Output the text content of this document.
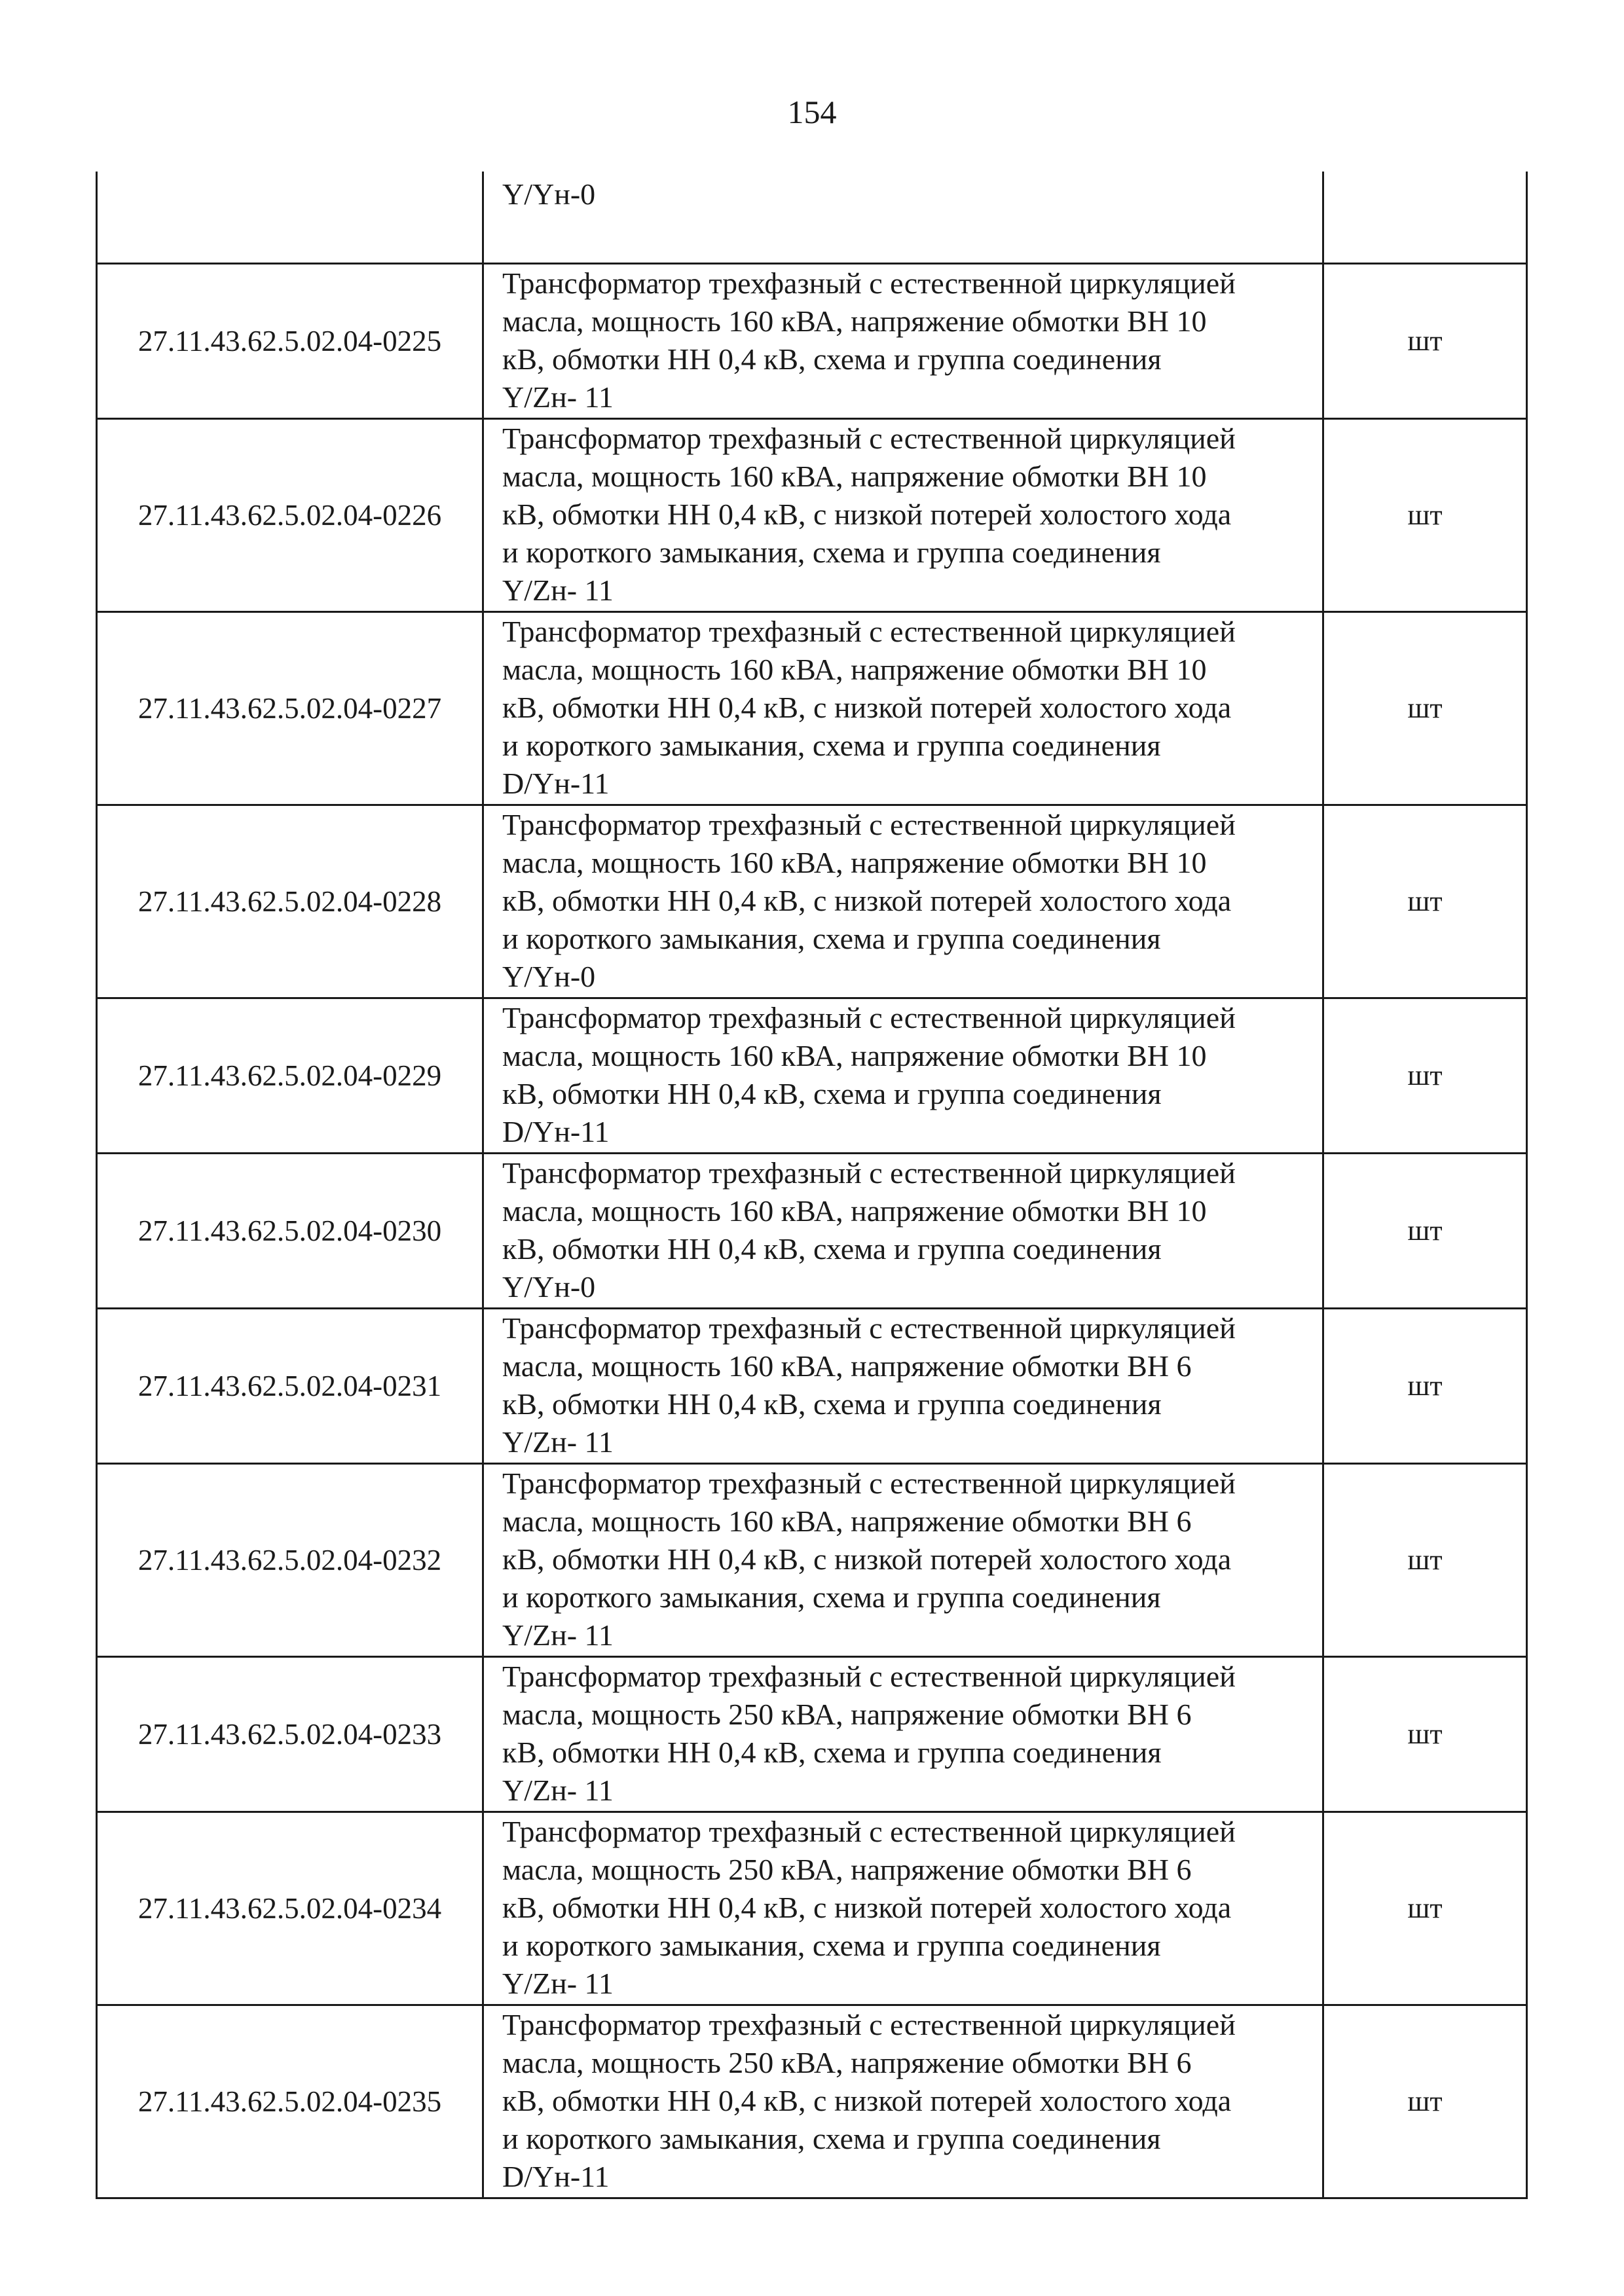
154
	Y/Yн-0	
27.11.43.62.5.02.04-0225	Трансформатор трехфазный с естественной циркуляцией
масла, мощность 160 кВА, напряжение обмотки ВН 10
кВ, обмотки НН 0,4 кВ, схема и группа соединения
Y/Zн- 11	шт
27.11.43.62.5.02.04-0226	Трансформатор трехфазный с естественной циркуляцией
масла, мощность 160 кВА, напряжение обмотки ВН 10
кВ, обмотки НН 0,4 кВ, с низкой потерей холостого хода
и короткого замыкания, схема и группа соединения
Y/Zн- 11	шт
27.11.43.62.5.02.04-0227	Трансформатор трехфазный с естественной циркуляцией
масла, мощность 160 кВА, напряжение обмотки ВН 10
кВ, обмотки НН 0,4 кВ, с низкой потерей холостого хода
и короткого замыкания, схема и группа соединения
D/Yн-11	шт
27.11.43.62.5.02.04-0228	Трансформатор трехфазный с естественной циркуляцией
масла, мощность 160 кВА, напряжение обмотки ВН 10
кВ, обмотки НН 0,4 кВ, с низкой потерей холостого хода
и короткого замыкания, схема и группа соединения
Y/Yн-0	шт
27.11.43.62.5.02.04-0229	Трансформатор трехфазный с естественной циркуляцией
масла, мощность 160 кВА, напряжение обмотки ВН 10
кВ, обмотки НН 0,4 кВ, схема и группа соединения
D/Yн-11	шт
27.11.43.62.5.02.04-0230	Трансформатор трехфазный с естественной циркуляцией
масла, мощность 160 кВА, напряжение обмотки ВН 10
кВ, обмотки НН 0,4 кВ, схема и группа соединения
Y/Yн-0	шт
27.11.43.62.5.02.04-0231	Трансформатор трехфазный с естественной циркуляцией
масла, мощность 160 кВА, напряжение обмотки ВН 6
кВ, обмотки НН 0,4 кВ, схема и группа соединения
Y/Zн- 11	шт
27.11.43.62.5.02.04-0232	Трансформатор трехфазный с естественной циркуляцией
масла, мощность 160 кВА, напряжение обмотки ВН 6
кВ, обмотки НН 0,4 кВ, с низкой потерей холостого хода
и короткого замыкания, схема и группа соединения
Y/Zн- 11	шт
27.11.43.62.5.02.04-0233	Трансформатор трехфазный с естественной циркуляцией
масла, мощность 250 кВА, напряжение обмотки ВН 6
кВ, обмотки НН 0,4 кВ, схема и группа соединения
Y/Zн- 11	шт
27.11.43.62.5.02.04-0234	Трансформатор трехфазный с естественной циркуляцией
масла, мощность 250 кВА, напряжение обмотки ВН 6
кВ, обмотки НН 0,4 кВ, с низкой потерей холостого хода
и короткого замыкания, схема и группа соединения
Y/Zн- 11	шт
27.11.43.62.5.02.04-0235	Трансформатор трехфазный с естественной циркуляцией
масла, мощность 250 кВА, напряжение обмотки ВН 6
кВ, обмотки НН 0,4 кВ, с низкой потерей холостого хода
и короткого замыкания, схема и группа соединения
D/Yн-11	шт
